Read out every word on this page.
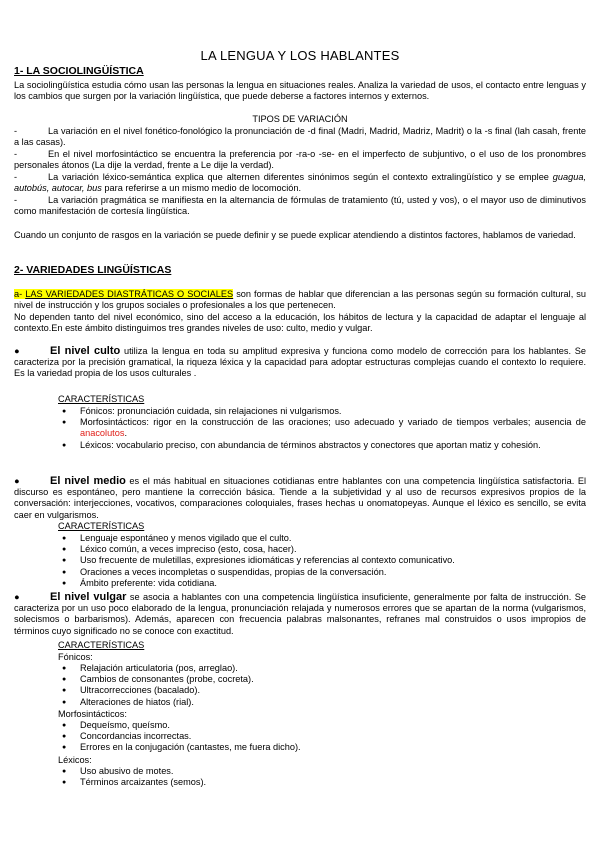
LA LENGUA Y LOS HABLANTES
1- LA SOCIOLINGÜÍSTICA
La sociolingüística estudia cómo usan las personas la lengua en situaciones reales. Analiza la variedad de usos, el contacto entre lenguas y los cambios que surgen por la variación lingüística, que puede deberse a factores internos y externos.
TIPOS DE VARIACIÓN
-	La variación en el nivel fonético-fonológico la pronunciación de -d final (Madri, Madrid, Madriz, Madrit) o la -s final (lah casah, frente a las casas).
-	En el nivel morfosintáctico se encuentra la preferencia por -ra-o -se- en el imperfecto de subjuntivo, o el uso de los pronombres personales átonos (La dije la verdad, frente a Le dije la verdad).
-	La variación léxico-semántica explica que alternen diferentes sinónimos según el contexto extralingüístico y se emplee guagua, autobús, autocar, bus para referirse a un mismo medio de locomoción.
-	La variación pragmática se manifiesta en la alternancia de fórmulas de tratamiento (tú, usted y vos), o el mayor uso de diminutivos como manifestación de cortesía lingüística.
Cuando un conjunto de rasgos en la variación se puede definir y se puede explicar atendiendo a distintos factores, hablamos de variedad.
2- VARIEDADES LINGÜÍSTICAS
a- LAS VARIEDADES DIASTRÁTICAS O SOCIALES son formas de hablar que diferencian a las personas según su formación cultural, su nivel de instrucción y los grupos sociales o profesionales a los que pertenecen.
No dependen tanto del nivel económico, sino del acceso a la educación, los hábitos de lectura y la capacidad de adaptar el lenguaje al contexto.En este ámbito distinguimos tres grandes niveles de uso: culto, medio y vulgar.
●	El nivel culto utiliza la lengua en toda su amplitud expresiva y funciona como modelo de corrección para los hablantes. Se caracteriza por la precisión gramatical, la riqueza léxica y la capacidad para adoptar estructuras complejas cuando el contexto lo requiere. Es la variedad propia de los usos culturales .
CARACTERÍSTICAS
● Fónicos: pronunciación cuidada, sin relajaciones ni vulgarismos.
● Morfosintácticos: rigor en la construcción de las oraciones; uso adecuado y variado de tiempos verbales; ausencia de anacolutos.
● Léxicos: vocabulario preciso, con abundancia de términos abstractos y conectores que aportan matiz y cohesión.
●	El nivel medio es el más habitual en situaciones cotidianas entre hablantes con una competencia lingüística satisfactoria. El discurso es espontáneo, pero mantiene la corrección básica. Tiende a la subjetividad y al uso de recursos expresivos propios de la conversación: interjecciones, vocativos, comparaciones coloquiales, frases hechas u onomatopeyas. Aunque el léxico es sencillo, se evita caer en vulgarismos.
CARACTERÍSTICAS
● Lenguaje espontáneo y menos vigilado que el culto.
● Léxico común, a veces impreciso (esto, cosa, hacer).
● Uso frecuente de muletillas, expresiones idiomáticas y referencias al contexto comunicativo.
● Oraciones a veces incompletas o suspendidas, propias de la conversación.
● Ámbito preferente: vida cotidiana.
●	El nivel vulgar se asocia a hablantes con una competencia lingüística insuficiente, generalmente por falta de instrucción. Se caracteriza por un uso poco elaborado de la lengua, pronunciación relajada y numerosos errores que se apartan de la norma (vulgarismos, solecismos o barbarismos). Además, aparecen con frecuencia palabras malsonantes, refranes mal construidos o usos impropios de términos cuyo significado no se conoce con exactitud.
CARACTERÍSTICAS
Fónicos:
● Relajación articulatoria (pos, arreglao).
● Cambios de consonantes (probe, cocreta).
● Ultracorrecciones (bacalado).
● Alteraciones de hiatos (rial).
Morfosintácticos:
● Dequeísmo, queísmo.
● Concordancias incorrectas.
● Errores en la conjugación (cantastes, me fuera dicho).
Léxicos:
● Uso abusivo de motes.
● Términos arcaizantes (semos).
